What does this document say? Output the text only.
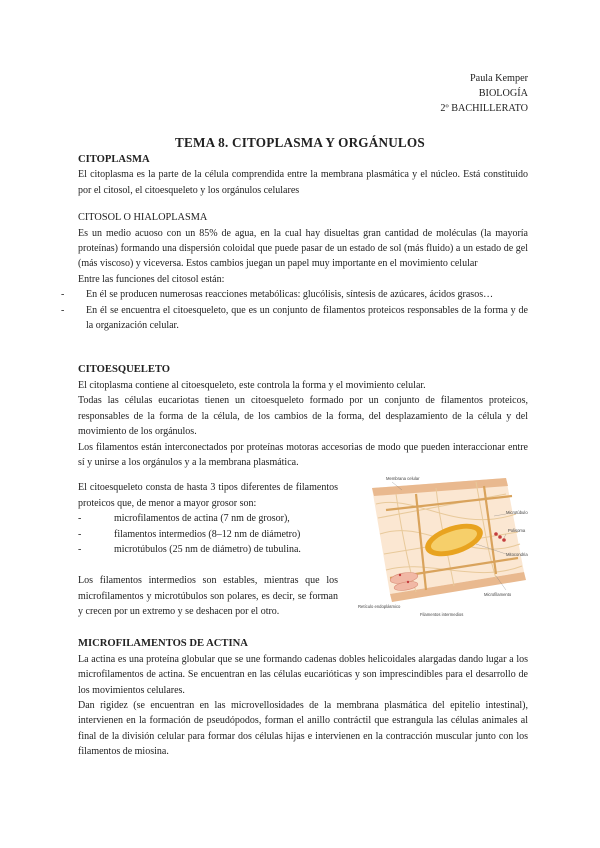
Paula Kemper
BIOLOGÍA
2º BACHILLERATO
TEMA 8. CITOPLASMA Y ORGÁNULOS
CITOPLASMA

El citoplasma es la parte de la célula comprendida entre la membrana plasmática y el núcleo. Está constituido por el citosol, el citoesqueleto y los orgánulos celulares

CITOSOL O HIALOPLASMA

Es un medio acuoso con un 85% de agua, en la cual hay disueltas gran cantidad de moléculas (la mayoría proteínas) formando una dispersión coloidal que puede pasar de un estado de sol (más fluido) a un estado de gel (más viscoso) y viceversa. Estos cambios juegan un papel muy importante en el movimiento celular

Entre las funciones del citosol están:

- En él se producen numerosas reacciones metabólicas: glucólisis, síntesis de azúcares, ácidos grasos…
- En él se encuentra el citoesqueleto, que es un conjunto de filamentos proteicos responsables de la forma y de la organización celular.
CITOESQUELETO

El citoplasma contiene al citoesqueleto, este controla la forma y el movimiento celular.

Todas las células eucariotas tienen un citoesqueleto formado por un conjunto de filamentos proteicos, responsables de la forma de la célula, de los cambios de la forma, del desplazamiento de la célula y del movimiento de los orgánulos.

Los filamentos están interconectados por proteínas motoras accesorias de modo que pueden interaccionar entre sí y unirse a los orgánulos y a la membrana plasmática.

El citoesqueleto consta de hasta 3 tipos diferentes de filamentos proteicos que, de menor a mayor grosor son:

- microfilamentos de actina (7 nm de grosor),
- filamentos intermedios (8–12 nm de diámetro)
- microtúbulos (25 nm de diámetro) de tubulina.

Los filamentos intermedios son estables, mientras que los microfilamentos y microtúbulos son polares, es decir, se forman y crecen por un extremo y se deshacen por el otro.

Membrana celular
Microtúbulo
Polisoma
Mitocondria
Retículo endoplásmico
Filamentos intermedios
Microfilamento
MICROFILAMENTOS DE ACTINA

La actina es una proteína globular que se une formando cadenas dobles helicoidales alargadas dando lugar a los microfilamentos de actina. Se encuentran en las células eucarióticas y son imprescindibles para el desarrollo de los movimientos celulares.

Dan rigidez (se encuentran en las microvellosidades de la membrana plasmática del epitelio intestinal), intervienen en la formación de pseudópodos, forman el anillo contráctil que estrangula las células animales al final de la división celular para formar dos células hijas e intervienen en la contracción muscular junto con los filamentos de miosina.
